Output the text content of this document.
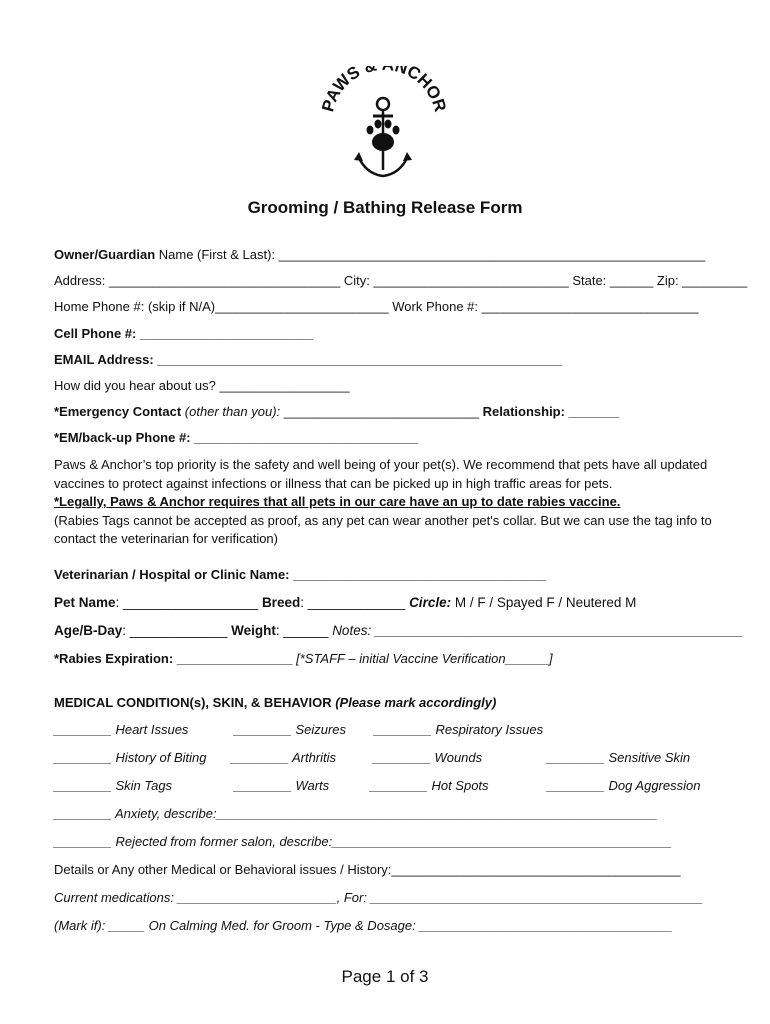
PAWS & NCHOR
Grooming / Bathing Release Form
Owner/Guardian Name (First & Last): ___________________________________________________________
Address: ________________________________ City: ___________________________ State: ______ Zip: _________
Home Phone #: (skip if N/A)________________________ Work Phone #: ______________________________
Cell Phone #: ________________________
EMAIL Address: ________________________________________________________
How did you hear about us? __________________
*Emergency Contact (other than you): ___________________________ Relationship: _______
*EM/back-up Phone #: _______________________________
Paws & Anchor’s top priority is the safety and well being of your pet(s). We recommend that pets have all updated vaccines to protect against infections or illness that can be picked up in high traffic areas for pets.
*Legally, Paws & Anchor requires that all pets in our care have an up to date rabies vaccine.
(Rabies Tags cannot be accepted as proof, as any pet can wear another pet's collar. But we can use the tag info to contact the veterinarian for verification)
Veterinarian / Hospital or Clinic Name: ___________________________________
Pet Name: __________________ Breed: _____________ Circle: M / F / Spayed F / Neutered M
Age/B-Day: _____________ Weight: ______ Notes: _________________________________________________
*Rabies Expiration: ________________ [*STAFF – initial Vaccine Verification______]
MEDICAL CONDITION(s), SKIN, & BEHAVIOR (Please mark accordingly)
________ Heart Issues	________ Seizures ________ Respiratory Issues
________ History of Biting ________ Arthritis	________ Wounds	________ Sensitive Skin
________ Skin Tags	________ Warts	________ Hot Spots	________ Dog Aggression
________ Anxiety, describe:_____________________________________________________________
________ Rejected from former salon, describe:_______________________________________________
Details or Any other Medical or Behavioral issues / History:________________________________________
Current medications: ______________________, For: ______________________________________________
(Mark if): _____ On Calming Med. for Groom - Type & Dosage: ___________________________________
Page 1 of 3
